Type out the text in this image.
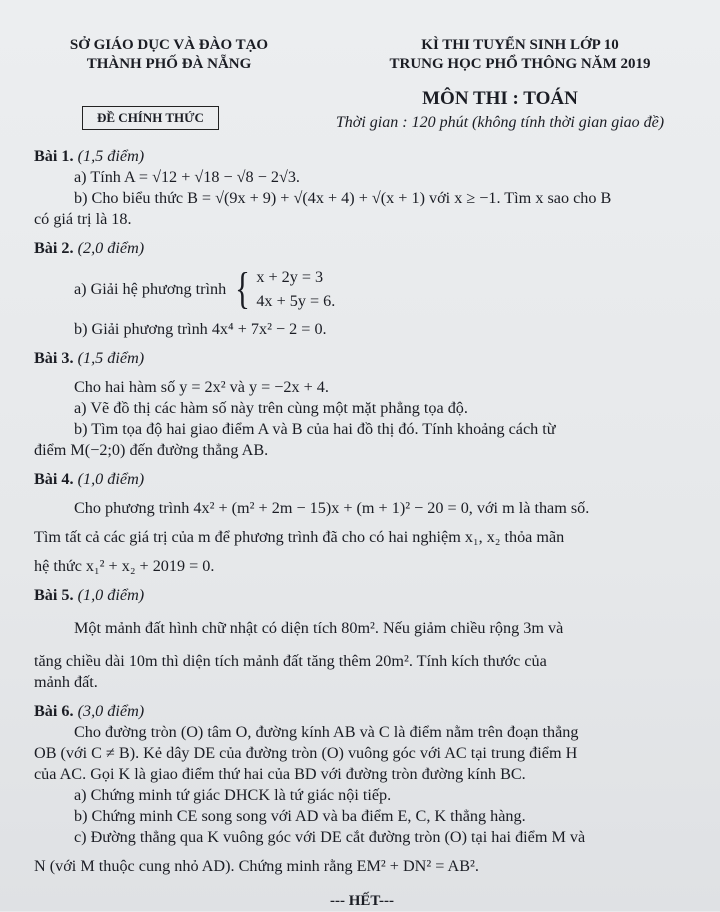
SỞ GIÁO DỤC VÀ ĐÀO TẠO
THÀNH PHỐ ĐÀ NẴNG
KÌ THI TUYỂN SINH LỚP 10
TRUNG HỌC PHỔ THÔNG NĂM 2019
ĐỀ CHÍNH THỨC
MÔN THI : TOÁN
Thời gian : 120 phút (không tính thời gian giao đề)

Bài 1. (1,5 điểm)

a) Tính A = √12 + √18 − √8 − 2√3.

b) Cho biểu thức B = √(9x + 9) + √(4x + 4) + √(x + 1) với x ≥ −1. Tìm x sao cho B

có giá trị là 18.

Bài 2. (2,0 điểm)

a) Giải hệ phương trình { x + 2y = 3
4x + 5y = 6.

b) Giải phương trình 4x⁴ + 7x² − 2 = 0.

Bài 3. (1,5 điểm)

Cho hai hàm số y = 2x² và y = −2x + 4.

a) Vẽ đồ thị các hàm số này trên cùng một mặt phẳng tọa độ.

b) Tìm tọa độ hai giao điểm A và B của hai đồ thị đó. Tính khoảng cách từ

điểm M(−2;0) đến đường thẳng AB.

Bài 4. (1,0 điểm)

Cho phương trình 4x² + (m² + 2m − 15)x + (m + 1)² − 20 = 0, với m là tham số.

Tìm tất cả các giá trị của m để phương trình đã cho có hai nghiệm x₁, x₂ thỏa mãn

hệ thức x₁² + x₂ + 2019 = 0.

Bài 5. (1,0 điểm)

Một mảnh đất hình chữ nhật có diện tích 80m². Nếu giảm chiều rộng 3m và

tăng chiều dài 10m thì diện tích mảnh đất tăng thêm 20m². Tính kích thước của

mảnh đất.

Bài 6. (3,0 điểm)

Cho đường tròn (O) tâm O, đường kính AB và C là điểm nằm trên đoạn thẳng

OB (với C ≠ B). Kẻ dây DE của đường tròn (O) vuông góc với AC tại trung điểm H

của AC. Gọi K là giao điểm thứ hai của BD với đường tròn đường kính BC.

a) Chứng minh tứ giác DHCK là tứ giác nội tiếp.

b) Chứng minh CE song song với AD và ba điểm E, C, K thẳng hàng.

c) Đường thẳng qua K vuông góc với DE cắt đường tròn (O) tại hai điểm M và

N (với M thuộc cung nhỏ AD). Chứng minh rằng EM² + DN² = AB².

--- HẾT---
